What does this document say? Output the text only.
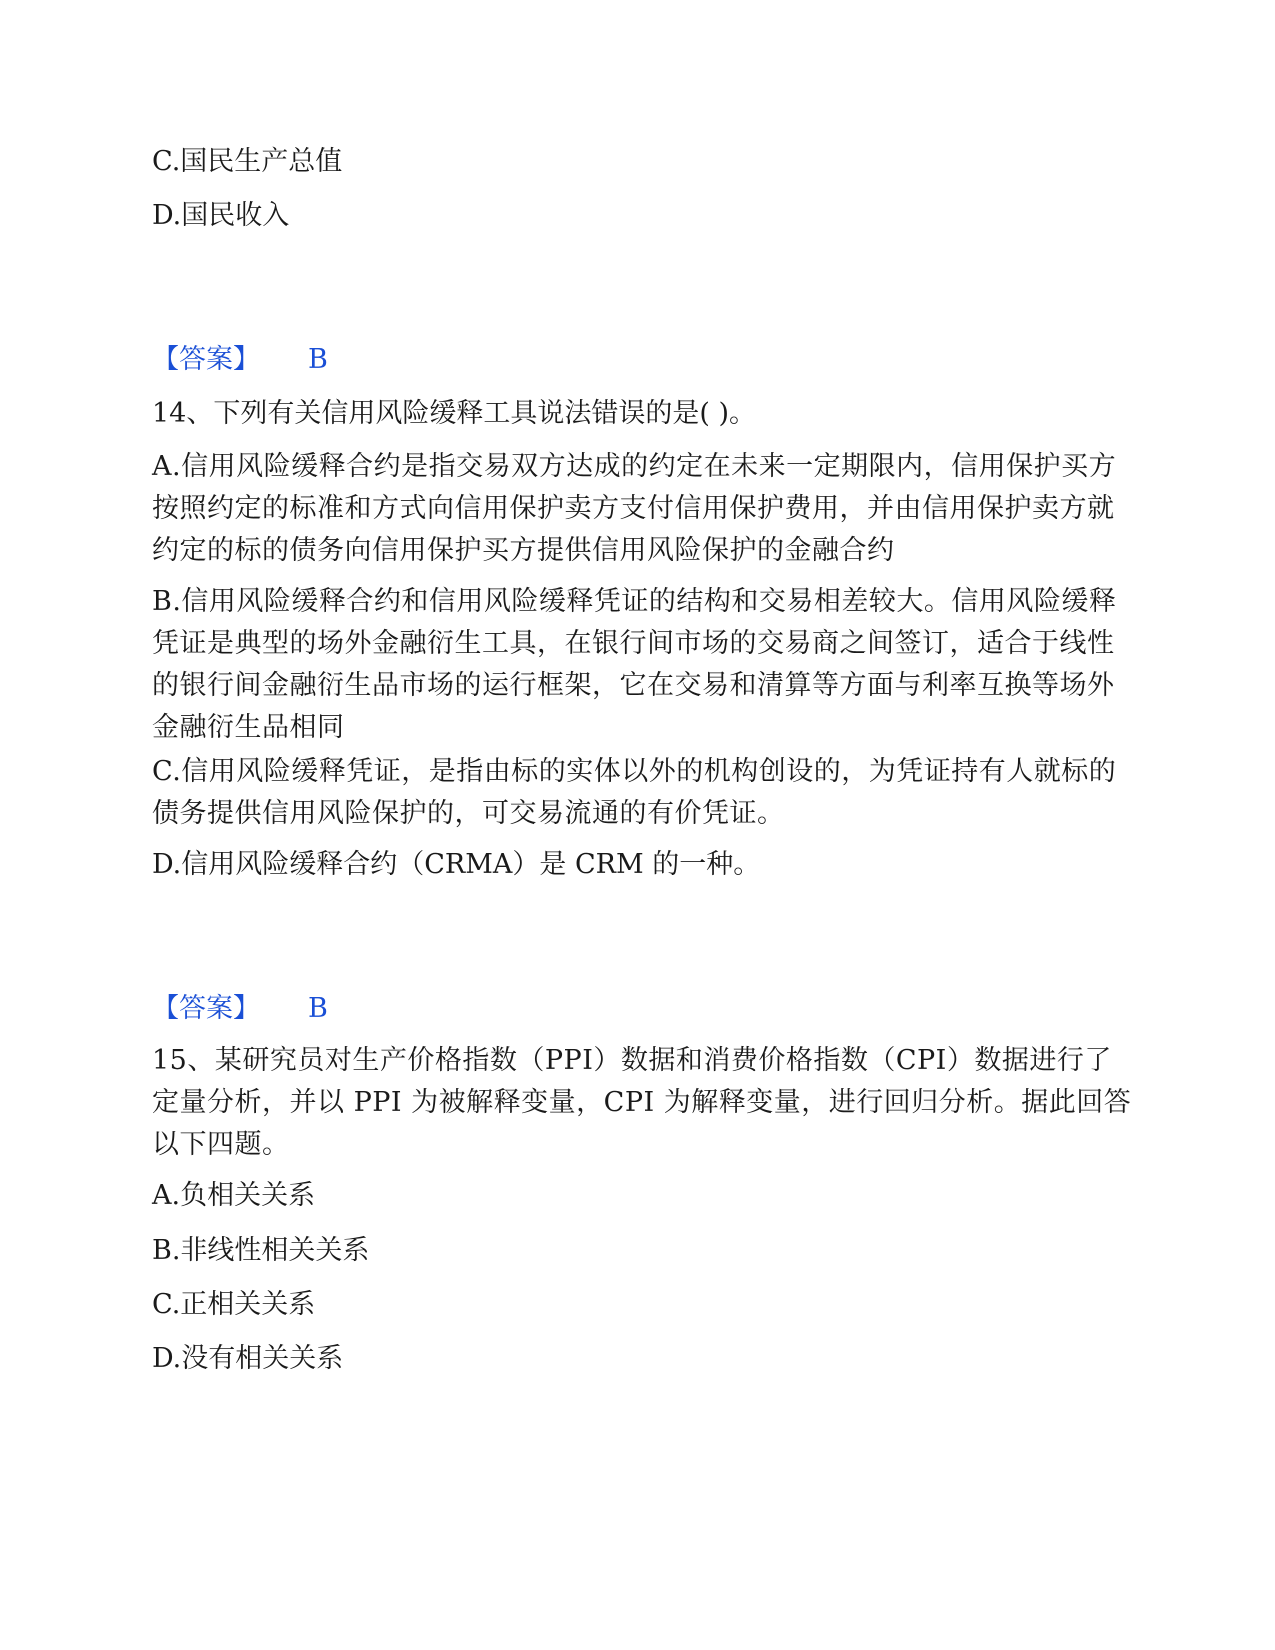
C.国民生产总值
D.国民收入
【答案】 B
14、下列有关信用风险缓释工具说法错误的是( )。
A.信用风险缓释合约是指交易双方达成的约定在未来一定期限内，信用保护买方按照约定的标准和方式向信用保护卖方支付信用保护费用，并由信用保护卖方就约定的标的债务向信用保护买方提供信用风险保护的金融合约
B.信用风险缓释合约和信用风险缓释凭证的结构和交易相差较大。信用风险缓释凭证是典型的场外金融衍生工具，在银行间市场的交易商之间签订，适合于线性的银行间金融衍生品市场的运行框架，它在交易和清算等方面与利率互换等场外金融衍生品相同
C.信用风险缓释凭证，是指由标的实体以外的机构创设的，为凭证持有人就标的债务提供信用风险保护的，可交易流通的有价凭证。
D.信用风险缓释合约（CRMA）是 CRM 的一种。
【答案】 B
15、某研究员对生产价格指数（PPI）数据和消费价格指数（CPI）数据进行了定量分析，并以 PPI 为被解释变量，CPI 为解释变量，进行回归分析。据此回答以下四题。
A.负相关关系
B.非线性相关关系
C.正相关关系
D.没有相关关系
